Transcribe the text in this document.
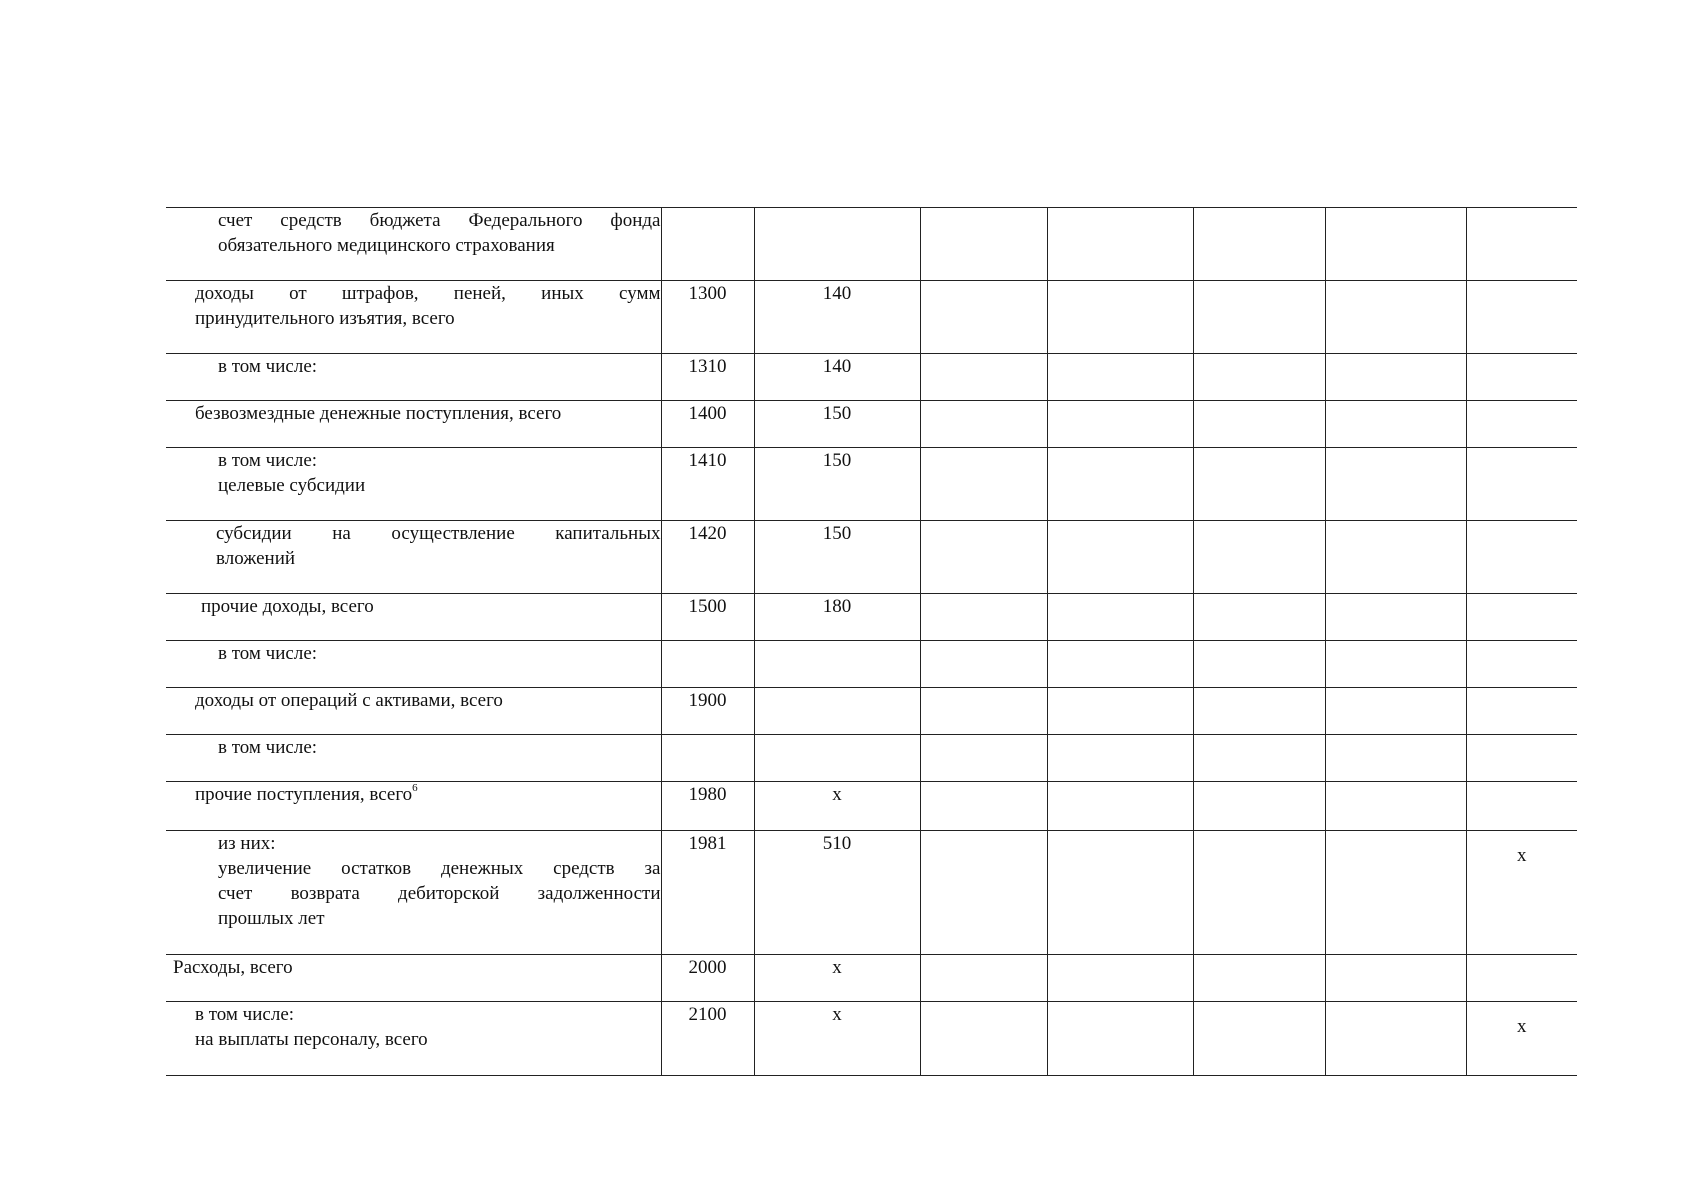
счет средств бюджета Федерального фонда
обязательного медицинского страхования							

доходы от штрафов, пеней, иных сумм
принудительного изъятия, всего	1300	140					

в том числе:	1310	140					

безвозмездные денежные поступления, всего	1400	150					

в том числе:
целевые субсидии	1410	150					

субсидии на осуществление капитальных
вложений	1420	150					

прочие доходы, всего	1500	180					

в том числе:							

доходы от операций с активами, всего	1900						

в том числе:							

прочие поступления, всего$^6$	1980	х					

из них:
увеличение остатков денежных средств за
счет возврата дебиторской задолженности
прошлых лет	1981	510					х

Расходы, всего	2000	х					

в том числе:
на выплаты персоналу, всего	2100	х					х
